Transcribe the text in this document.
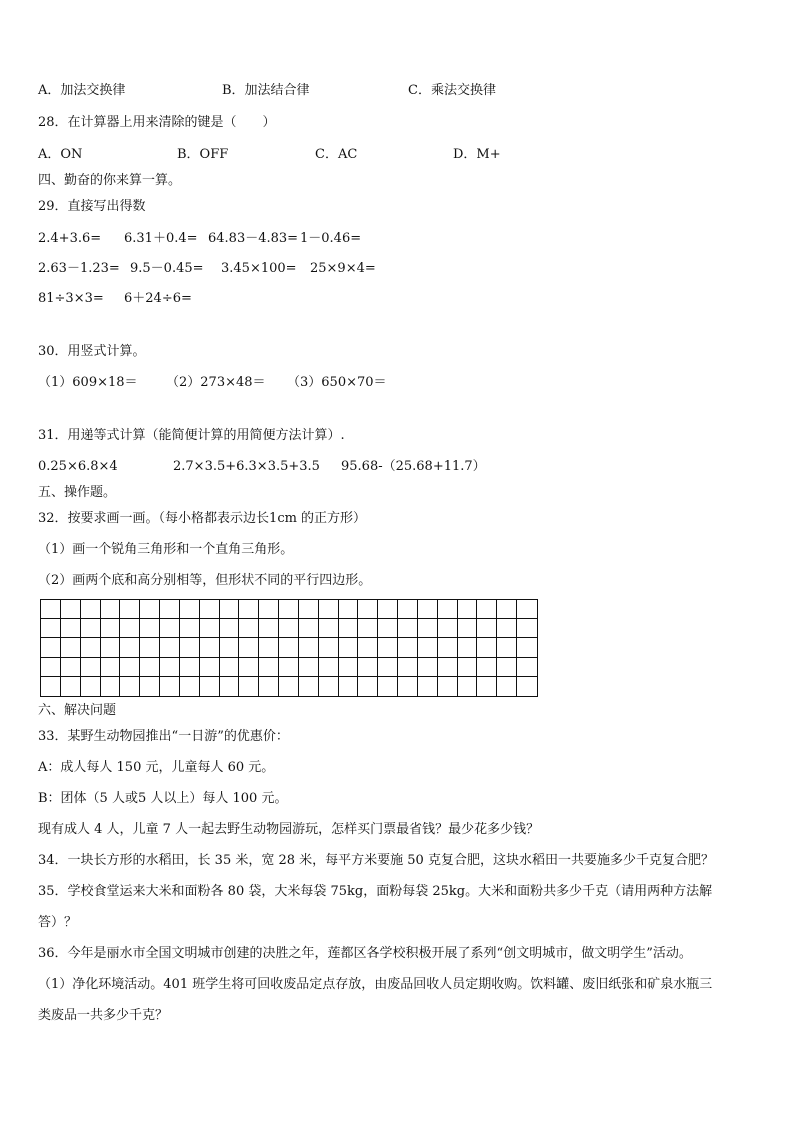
A．加法交换律	B．加法结合律	C．乘法交换律
28．在计算器上用来清除的键是（　　）
A．ON	B．OFF	C．AC	D．M+
四、勤奋的你来算一算。
29．直接写出得数
2.4+3.6= 6.31＋0.4= 64.83－4.83= 1－0.46=
2.63－1.23= 9.5－0.45= 3.45×100= 25×9×4=
81÷3×3= 6＋24÷6=
30．用竖式计算。
（1）609×18＝ （2）273×48＝ （3）650×70＝
31．用递等式计算（能简便计算的用简便方法计算）.
0.25×6.8×4	2.7×3.5+6.3×3.5+3.5 95.68-（25.68+11.7）
五、操作题。
32．按要求画一画。（每小格都表示边长1cm 的正方形）
（1）画一个锐角三角形和一个直角三角形。
（2）画两个底和高分别相等，但形状不同的平行四边形。
六、解决问题
33．某野生动物园推出“一日游”的优惠价：
A：成人每人 150 元，儿童每人 60 元。
B：团体（5 人或5 人以上）每人 100 元。
现有成人 4 人，儿童 7 人一起去野生动物园游玩，怎样买门票最省钱？最少花多少钱？
34．一块长方形的水稻田，长 35 米，宽 28 米，每平方米要施 50 克复合肥，这块水稻田一共要施多少千克复合肥？
35．学校食堂运来大米和面粉各 80 袋，大米每袋 75kg，面粉每袋 25kg。大米和面粉共多少千克（请用两种方法解
答）？
36．今年是丽水市全国文明城市创建的决胜之年，莲都区各学校积极开展了系列“创文明城市，做文明学生”活动。
（1）净化环境活动。401 班学生将可回收废品定点存放，由废品回收人员定期收购。饮料罐、废旧纸张和矿泉水瓶三
类废品一共多少千克？
